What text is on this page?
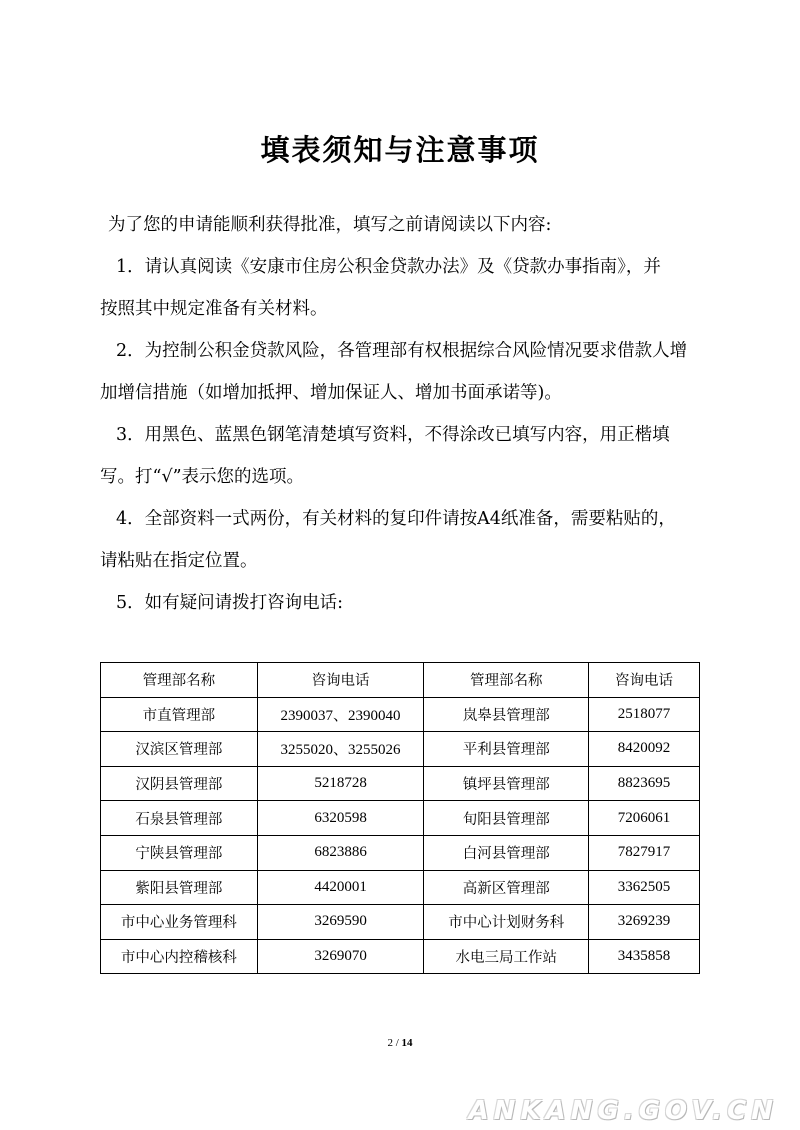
填表须知与注意事项
为了您的申请能顺利获得批准，填写之前请阅读以下内容:
1．请认真阅读《安康市住房公积金贷款办法》及《贷款办事指南》，并
按照其中规定准备有关材料。
2．为控制公积金贷款风险，各管理部有权根据综合风险情况要求借款人增
加增信措施（如增加抵押、增加保证人、增加书面承诺等)。
3．用黑色、蓝黑色钢笔清楚填写资料，不得涂改已填写内容，用正楷填
写。打“√”表示您的选项。
4．全部资料一式两份，有关材料的复印件请按A4纸准备，需要粘贴的，
请粘贴在指定位置。
5．如有疑问请拨打咨询电话:
管理部名称	咨询电话	管理部名称	咨询电话
市直管理部	2390037、2390040	岚皋县管理部	2518077
汉滨区管理部	3255020、3255026	平利县管理部	8420092
汉阴县管理部	5218728	镇坪县管理部	8823695
石泉县管理部	6320598	旬阳县管理部	7206061
宁陕县管理部	6823886	白河县管理部	7827917
紫阳县管理部	4420001	高新区管理部	3362505
市中心业务管理科	3269590	市中心计划财务科	3269239
市中心内控稽核科	3269070	水电三局工作站	3435858
2 / 14
ANKANG.GOV.CN
